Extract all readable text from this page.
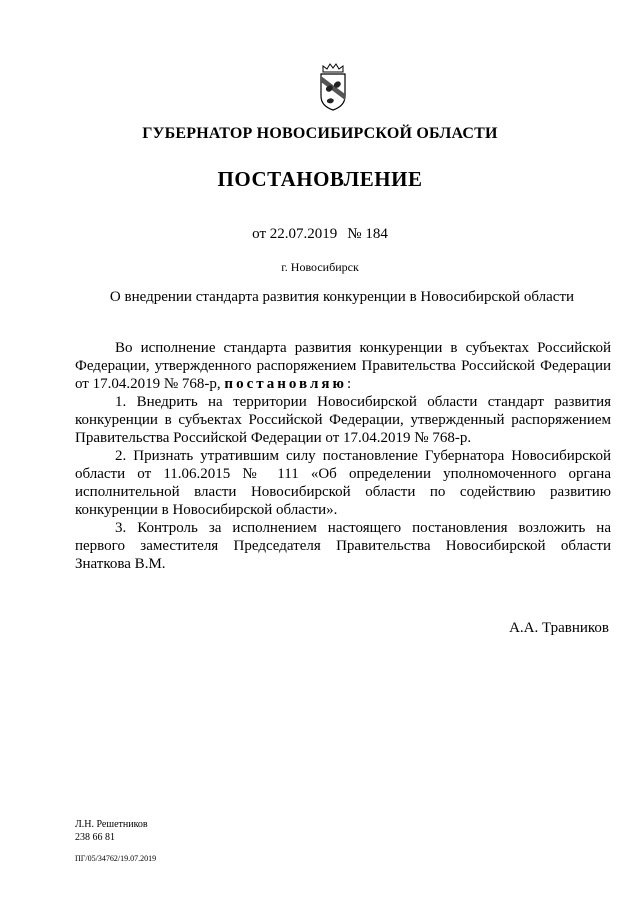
ГУБЕРНАТОР НОВОСИБИРСКОЙ ОБЛАСТИ
ПОСТАНОВЛЕНИЕ
от 22.07.2019 № 184
г. Новосибирск
О внедрении стандарта развития конкуренции в Новосибирской области

Во исполнение стандарта развития конкуренции в субъектах Российской Федерации, утвержденного распоряжением Правительства Российской Федерации от 17.04.2019 № 768-р, постановляю:

1. Внедрить на территории Новосибирской области стандарт развития конкуренции в субъектах Российской Федерации, утвержденный распоряжением Правительства Российской Федерации от 17.04.2019 № 768-р.

2. Признать утратившим силу постановление Губернатора Новосибирской области от 11.06.2015 № 111 «Об определении уполномоченного органа исполнительной власти Новосибирской области по содействию развитию конкуренции в Новосибирской области».

3. Контроль за исполнением настоящего постановления возложить на первого заместителя Председателя Правительства Новосибирской области Знаткова В.М.

А.А. Травников
Л.Н. Решетников
238 66 81
ПГ/05/34762/19.07.2019
